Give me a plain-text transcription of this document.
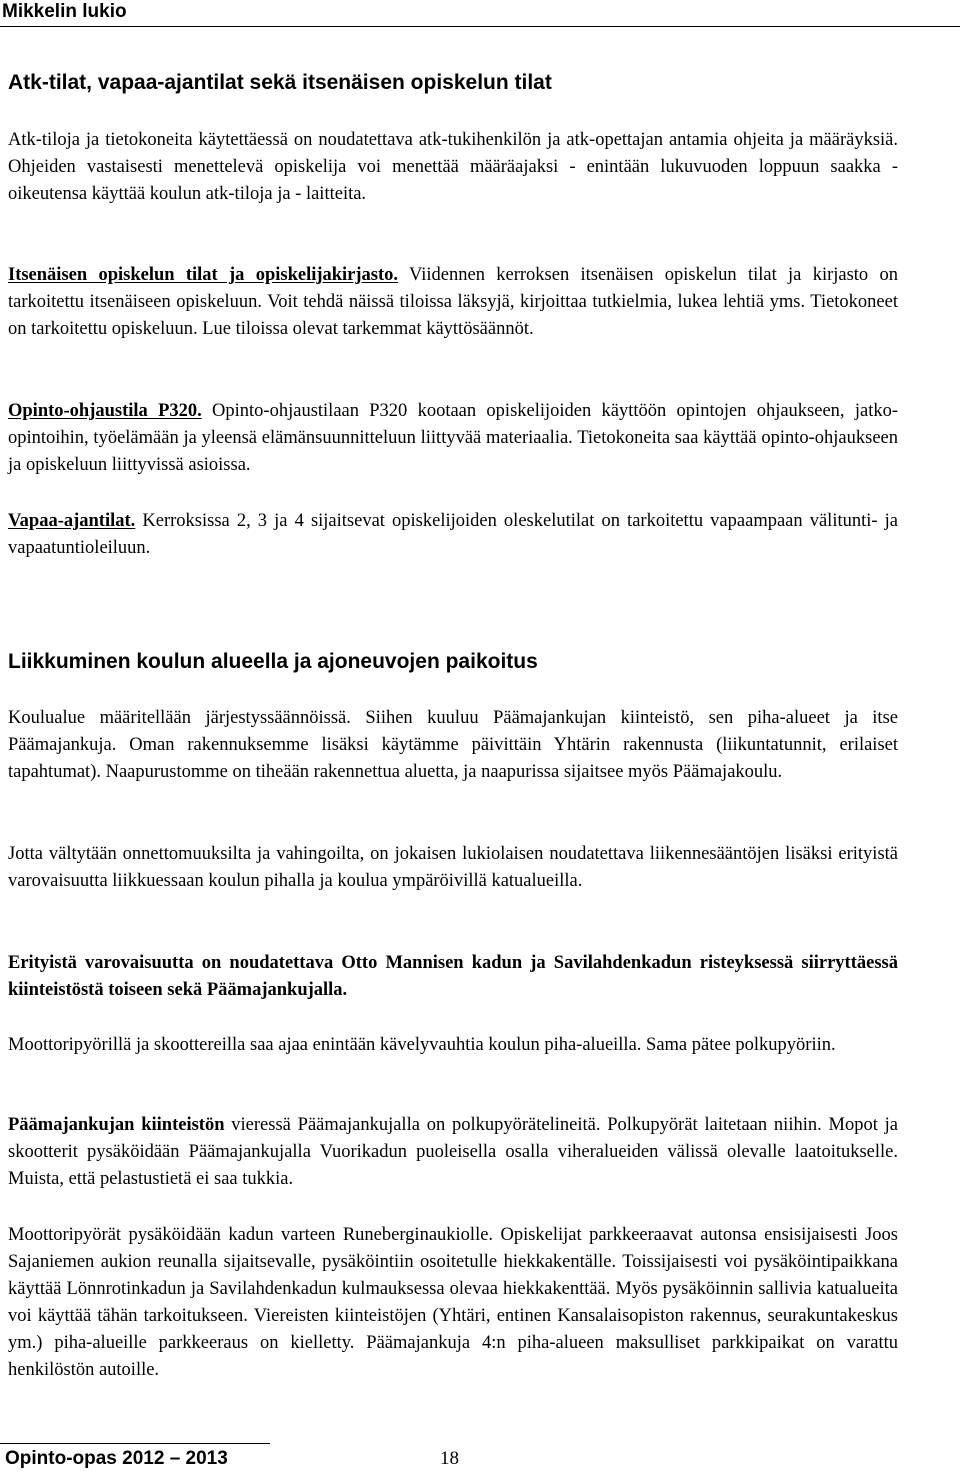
Mikkelin lukio
Atk-tilat, vapaa-ajantilat sekä itsenäisen opiskelun tilat

Atk-tiloja ja tietokoneita käytettäessä on noudatettava atk-tukihenkilön ja atk-opettajan antamia ohjeita ja määräyksiä. Ohjeiden vastaisesti menettelevä opiskelija voi menettää määräajaksi - enintään lukuvuoden loppuun saakka - oikeutensa käyttää koulun atk-tiloja ja - laitteita.

Itsenäisen opiskelun tilat ja opiskelijakirjasto. Viidennen kerroksen itsenäisen opiskelun tilat ja kirjasto on tarkoitettu itsenäiseen opiskeluun. Voit tehdä näissä tiloissa läksyjä, kirjoittaa tutkielmia, lukea lehtiä yms. Tietokoneet on tarkoitettu opiskeluun. Lue tiloissa olevat tarkemmat käyttösäännöt.

Opinto-ohjaustila P320. Opinto-ohjaustilaan P320 kootaan opiskelijoiden käyttöön opintojen ohjaukseen, jatko-opintoihin, työelämään ja yleensä elämänsuunnitteluun liittyvää materiaalia. Tietokoneita saa käyttää opinto-ohjaukseen ja opiskeluun liittyvissä asioissa.

Vapaa-ajantilat. Kerroksissa 2, 3 ja 4 sijaitsevat opiskelijoiden oleskelutilat on tarkoitettu vapaampaan välitunti- ja vapaatuntioleiluun.

Liikkuminen koulun alueella ja ajoneuvojen paikoitus

Koulualue määritellään järjestyssäännöissä. Siihen kuuluu Päämajankujan kiinteistö, sen piha-alueet ja itse Päämajankuja. Oman rakennuksemme lisäksi käytämme päivittäin Yhtärin rakennusta (liikuntatunnit, erilaiset tapahtumat). Naapurustomme on tiheään rakennettua aluetta, ja naapurissa sijaitsee myös Päämajakoulu.

Jotta vältytään onnettomuuksilta ja vahingoilta, on jokaisen lukiolaisen noudatettava liikennesääntöjen lisäksi erityistä varovaisuutta liikkuessaan koulun pihalla ja koulua ympäröivillä katualueilla.

Erityistä varovaisuutta on noudatettava Otto Mannisen kadun ja Savilahdenkadun risteyksessä siirryttäessä kiinteistöstä toiseen sekä Päämajankujalla.

Moottoripyörillä ja skoottereilla saa ajaa enintään kävelyvauhtia koulun piha-alueilla. Sama pätee polkupyöriin.

Päämajankujan kiinteistön vieressä Päämajankujalla on polkupyörätelineitä. Polkupyörät laitetaan niihin. Mopot ja skootterit pysäköidään Päämajankujalla Vuorikadun puoleisella osalla viheralueiden välissä olevalle laatoitukselle. Muista, että pelastustietä ei saa tukkia.

Moottoripyörät pysäköidään kadun varteen Runeberginaukiolle. Opiskelijat parkkeeraavat autonsa ensisijaisesti Joos Sajaniemen aukion reunalla sijaitsevalle, pysäköintiin osoitetulle hiekkakentälle. Toissijaisesti voi pysäköintipaikkana käyttää Lönnrotinkadun ja Savilahdenkadun kulmauksessa olevaa hiekkakenttää. Myös pysäköinnin sallivia katualueita voi käyttää tähän tarkoitukseen. Viereisten kiinteistöjen (Yhtäri, entinen Kansalaisopiston rakennus, seurakuntakeskus ym.) piha-alueille parkkeeraus on kielletty. Päämajankuja 4:n piha-alueen maksulliset parkkipaikat on varattu henkilöstön autoille.

Opinto-opas 2012 – 2013	18
